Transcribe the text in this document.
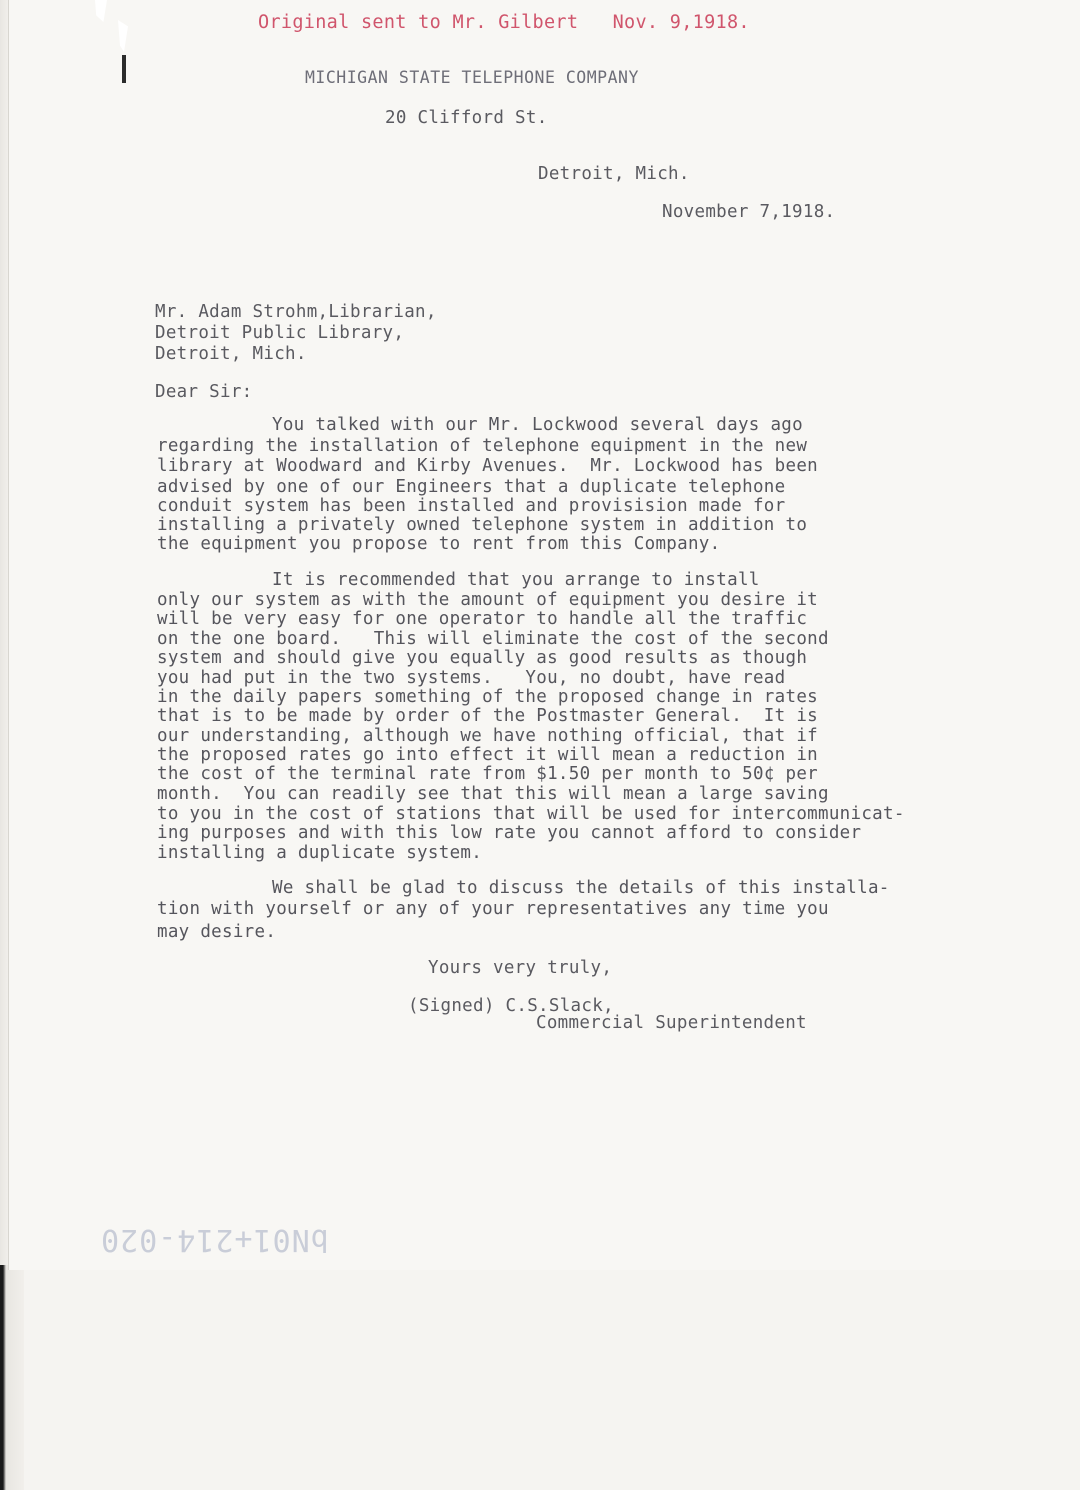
Original sent to Mr. Gilbert   Nov. 9,1918.
MICHIGAN STATE TELEPHONE COMPANY
20 Clifford St.
Detroit, Mich.
November 7,1918.
Mr. Adam Strohm,Librarian,
Detroit Public Library,
Detroit, Mich.
Dear Sir:
You talked with our Mr. Lockwood several days ago
regarding the installation of telephone equipment in the new
library at Woodward and Kirby Avenues.  Mr. Lockwood has been
advised by one of our Engineers that a duplicate telephone
conduit system has been installed and provisision made for
installing a privately owned telephone system in addition to
the equipment you propose to rent from this Company.
It is recommended that you arrange to install
only our system as with the amount of equipment you desire it
will be very easy for one operator to handle all the traffic
on the one board.   This will eliminate the cost of the second
system and should give you equally as good results as though
you had put in the two systems.   You, no doubt, have read
in the daily papers something of the proposed change in rates
that is to be made by order of the Postmaster General.  It is
our understanding, although we have nothing official, that if
the proposed rates go into effect it will mean a reduction in
the cost of the terminal rate from $1.50 per month to 50¢ per
month.  You can readily see that this will mean a large saving
to you in the cost of stations that will be used for intercommunicat-
ing purposes and with this low rate you cannot afford to consider
installing a duplicate system.
We shall be glad to discuss the details of this installa-
tion with yourself or any of your representatives any time you
may desire.
Yours very truly,
(Signed) C.S.Slack,
Commercial Superintendent
bN01+214-020
